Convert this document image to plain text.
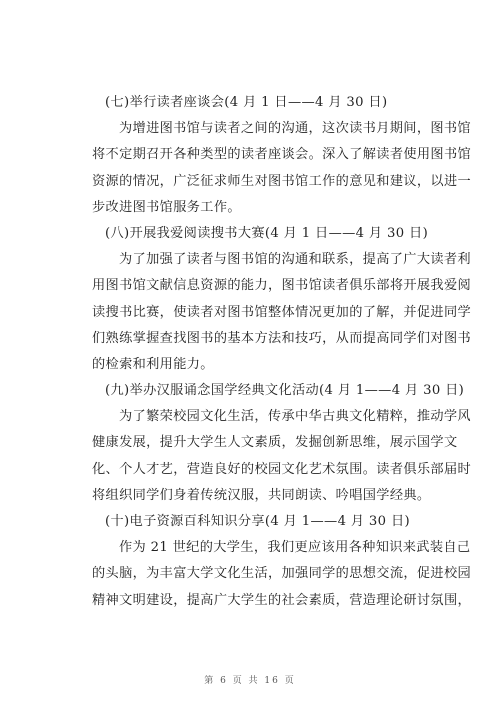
(七)举行读者座谈会(4 月 1 日——4 月 30 日)
为增进图书馆与读者之间的沟通，这次读书月期间，图书馆
将不定期召开各种类型的读者座谈会。深入了解读者使用图书馆
资源的情况，广泛征求师生对图书馆工作的意见和建议，以进一
步改进图书馆服务工作。
(八)开展我爱阅读搜书大赛(4 月 1 日——4 月 30 日)
为了加强了读者与图书馆的沟通和联系，提高了广大读者利
用图书馆文献信息资源的能力，图书馆读者俱乐部将开展我爱阅
读搜书比赛，使读者对图书馆整体情况更加的了解，并促进同学
们熟练掌握查找图书的基本方法和技巧，从而提高同学们对图书
的检索和利用能力。
(九)举办汉服诵念国学经典文化活动(4 月 1——4 月 30 日)
为了繁荣校园文化生活，传承中华古典文化精粹，推动学风
健康发展，提升大学生人文素质，发掘创新思维，展示国学文
化、个人才艺，营造良好的校园文化艺术氛围。读者俱乐部届时
将组织同学们身着传统汉服，共同朗读、吟唱国学经典。
(十)电子资源百科知识分享(4 月 1——4 月 30 日)
作为 21 世纪的大学生，我们更应该用各种知识来武装自己
的头脑，为丰富大学文化生活，加强同学的思想交流，促进校园
精神文明建设，提高广大学生的社会素质，营造理论研讨氛围，
第 6 页 共 16 页
